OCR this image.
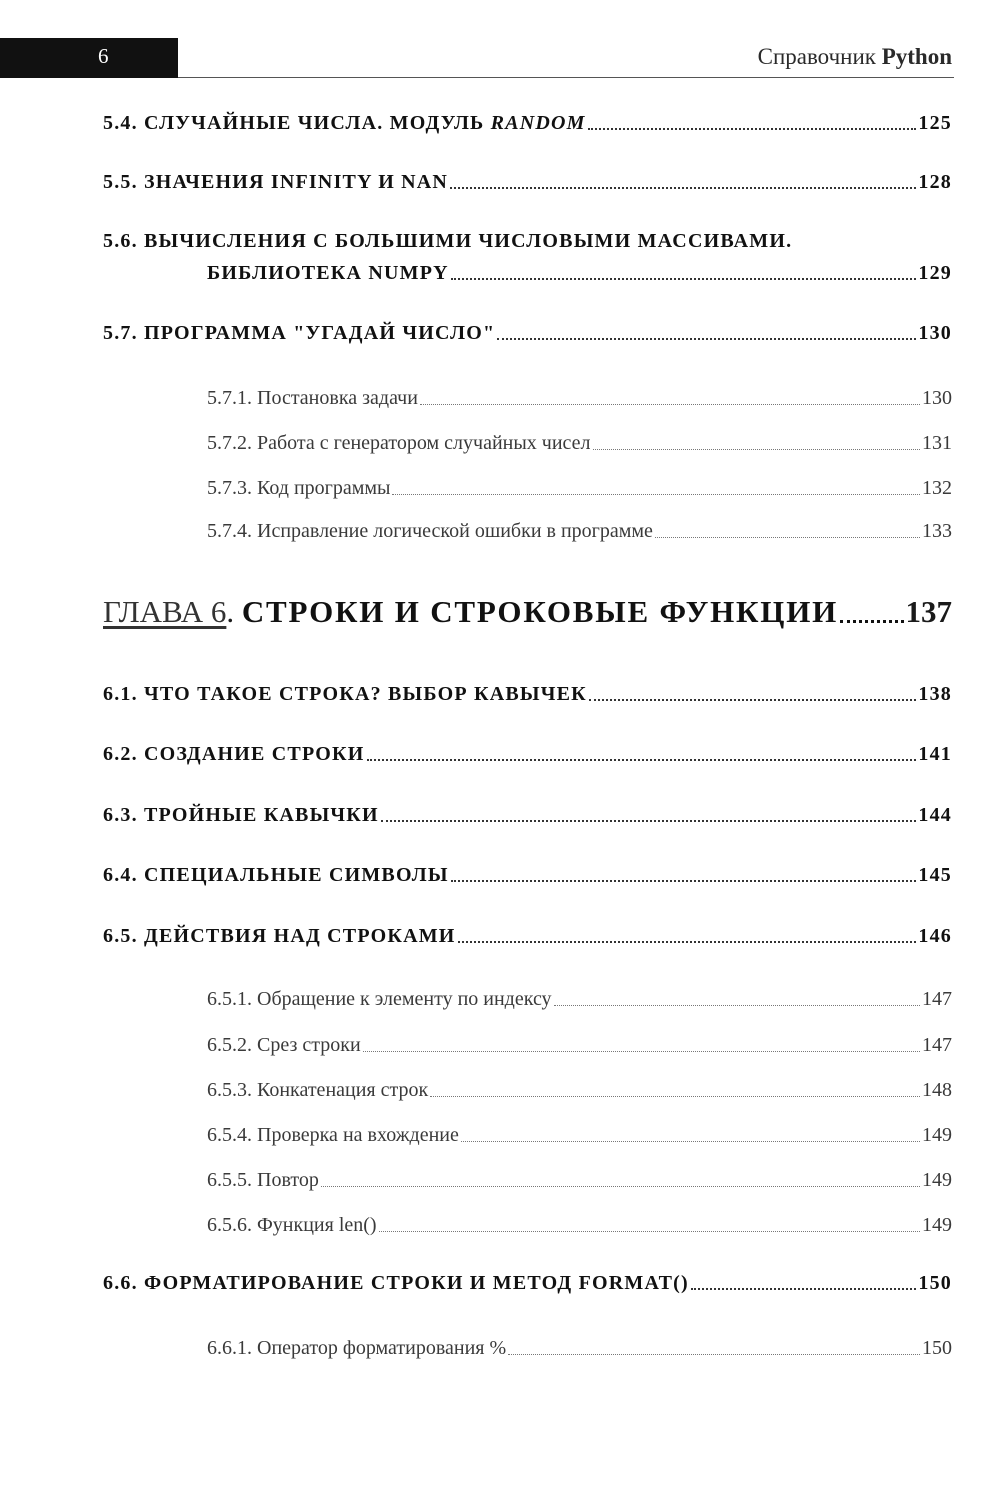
6	Справочник Python
5.4. СЛУЧАЙНЫЕ ЧИСЛА. МОДУЛЬ RANDOM	125
5.5. ЗНАЧЕНИЯ INFINITY И NAN	128
5.6. ВЫЧИСЛЕНИЯ С БОЛЬШИМИ ЧИСЛОВЫМИ МАССИВАМИ.
БИБЛИОТЕКА NUMPY	129
5.7. ПРОГРАММА "УГАДАЙ ЧИСЛО"	130
5.7.1. Постановка задачи	130
5.7.2. Работа с генератором случайных чисел	131
5.7.3. Код программы	132
5.7.4. Исправление логической ошибки в программе	133
ГЛАВА 6. СТРОКИ И СТРОКОВЫЕ ФУНКЦИИ 137
6.1. ЧТО ТАКОЕ СТРОКА? ВЫБОР КАВЫЧЕК	138
6.2. СОЗДАНИЕ СТРОКИ	141
6.3. ТРОЙНЫЕ КАВЫЧКИ	144
6.4. СПЕЦИАЛЬНЫЕ СИМВОЛЫ	145
6.5. ДЕЙСТВИЯ НАД СТРОКАМИ	146
6.5.1. Обращение к элементу по индексу	147
6.5.2. Срез строки	147
6.5.3. Конкатенация строк	148
6.5.4. Проверка на вхождение	149
6.5.5. Повтор	149
6.5.6. Функция len()	149
6.6. ФОРМАТИРОВАНИЕ СТРОКИ И МЕТОД FORMAT()	150
6.6.1. Оператор форматирования %	150
